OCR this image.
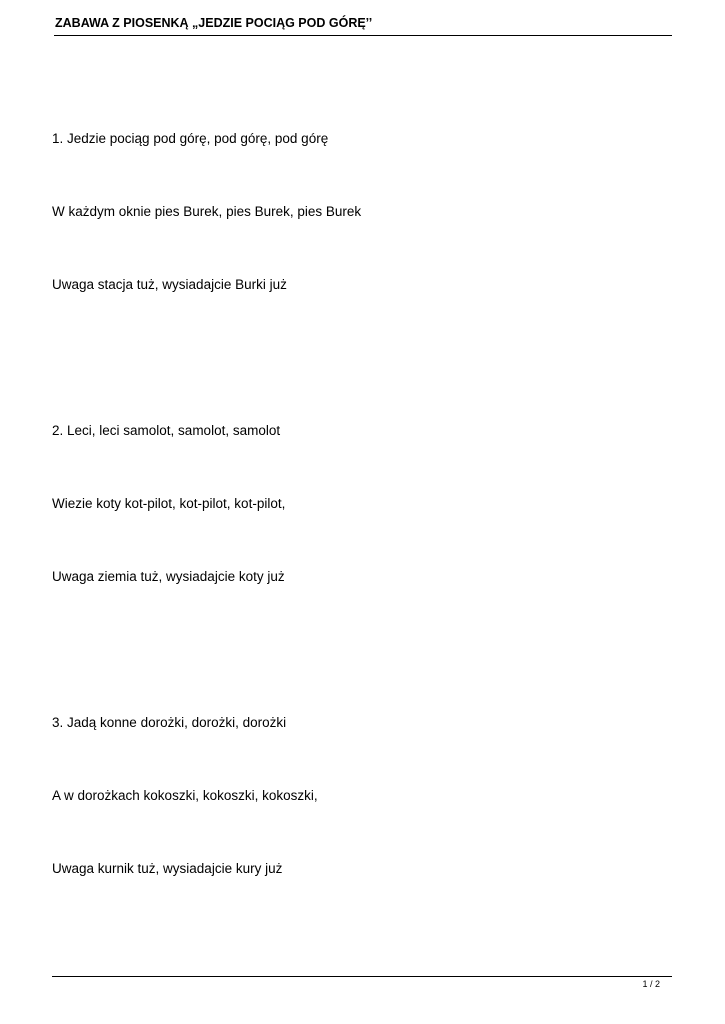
ZABAWA Z PIOSENKĄ „JEDZIE POCIĄG POD GÓRĘ’’

1. Jedzie pociąg pod górę, pod górę, pod górę

W każdym oknie pies Burek, pies Burek, pies Burek

Uwaga stacja tuż, wysiadajcie Burki już

2. Leci, leci samolot, samolot, samolot

Wiezie koty kot-pilot, kot-pilot, kot-pilot,

Uwaga ziemia tuż, wysiadajcie koty już

3. Jadą konne dorożki, dorożki, dorożki

A w dorożkach kokoszki, kokoszki, kokoszki,

Uwaga kurnik tuż, wysiadajcie kury już

1 / 2
